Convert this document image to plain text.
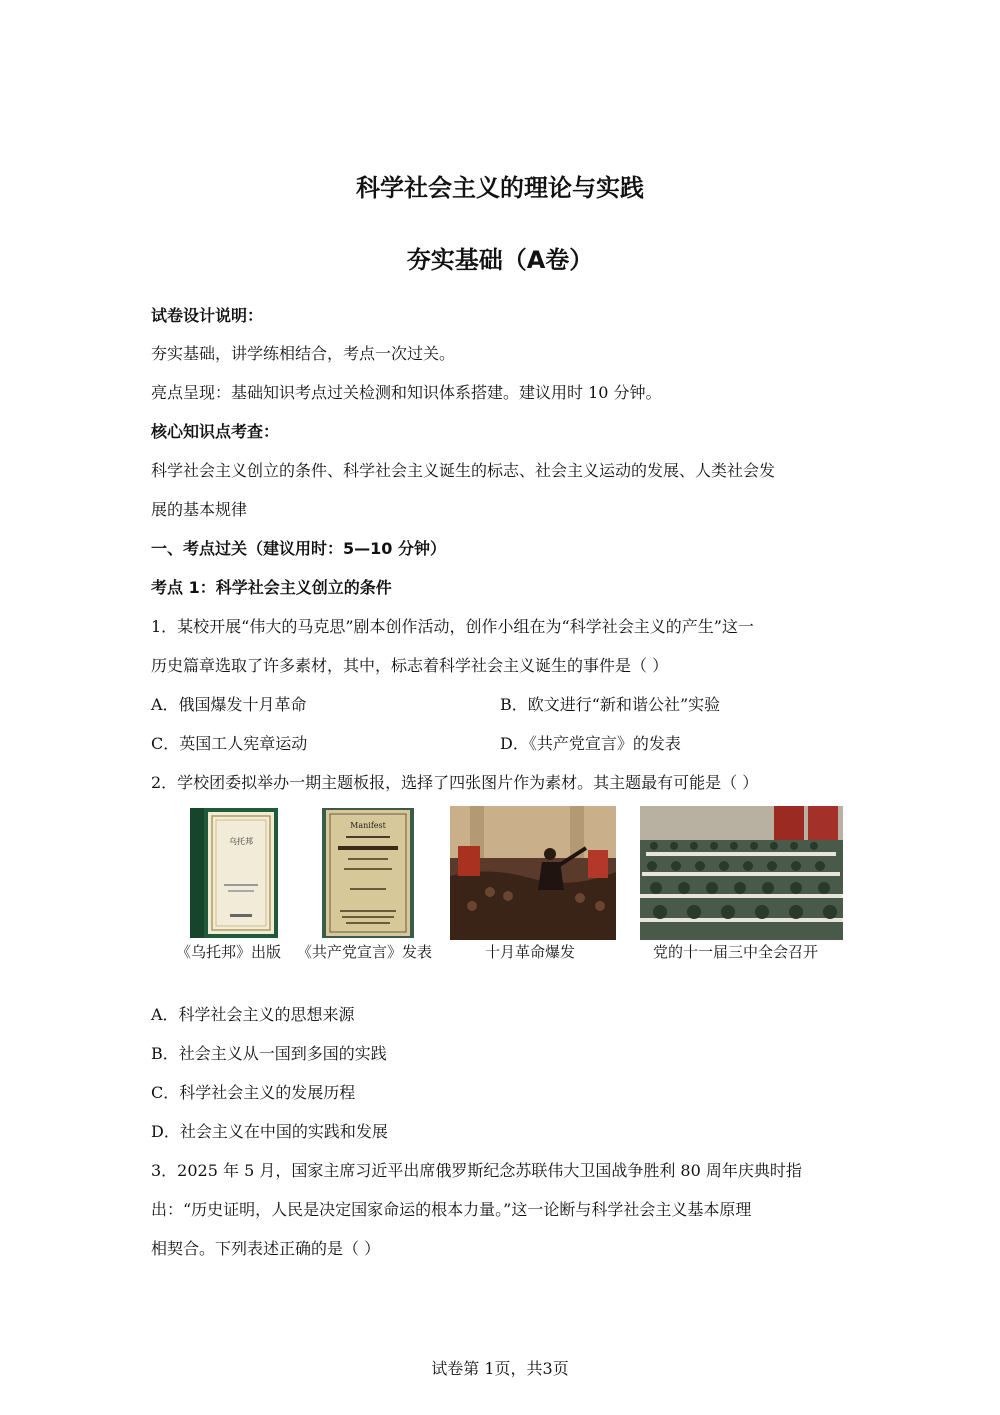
科学社会主义的理论与实践
夯实基础（A卷）
试卷设计说明：
夯实基础，讲学练相结合，考点一次过关。
亮点呈现：基础知识考点过关检测和知识体系搭建。建议用时 10 分钟。
核心知识点考查：
科学社会主义创立的条件、科学社会主义诞生的标志、社会主义运动的发展、人类社会发
展的基本规律
一、考点过关（建议用时：5—10 分钟）
考点 1：科学社会主义创立的条件
1．某校开展“伟大的马克思”剧本创作活动，创作小组在为“科学社会主义的产生”这一
历史篇章选取了许多素材，其中，标志着科学社会主义诞生的事件是（ ）
A．俄国爆发十月革命	B．欧文进行“新和谐公社”实验
C．英国工人宪章运动	D．《共产党宣言》的发表
2．学校团委拟举办一期主题板报，选择了四张图片作为素材。其主题最有可能是（ ）
乌托邦
Manifest
《乌托邦》出版 《共产党宣言》发表	十月革命爆发	党的十一届三中全会召开
A．科学社会主义的思想来源
B．社会主义从一国到多国的实践
C．科学社会主义的发展历程
D．社会主义在中国的实践和发展
3．2025 年 5 月，国家主席习近平出席俄罗斯纪念苏联伟大卫国战争胜利 80 周年庆典时指
出：“历史证明，人民是决定国家命运的根本力量。”这一论断与科学社会主义基本原理
相契合。下列表述正确的是（ ）
试卷第 1页，共3页
